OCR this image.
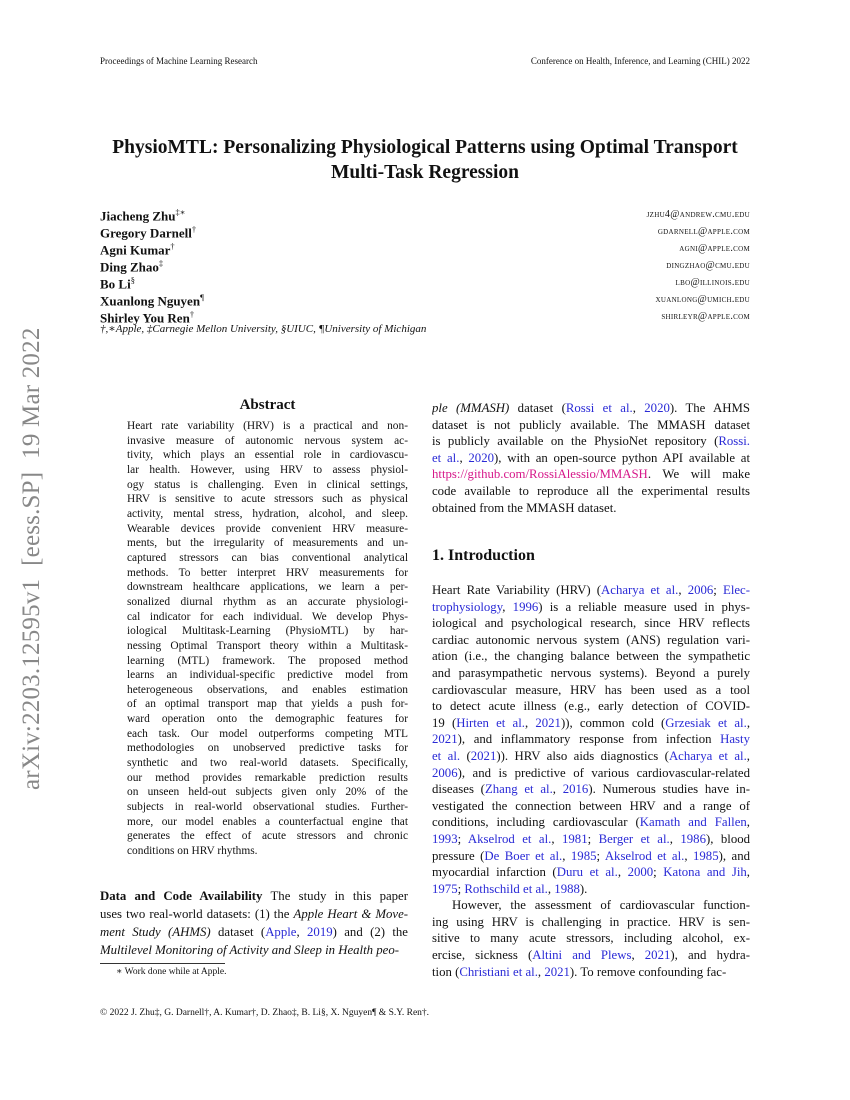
Proceedings of Machine Learning Research	Conference on Health, Inference, and Learning (CHIL) 2022
arXiv:2203.12595v1  [eess.SP]  19 Mar 2022
PhysioMTL: Personalizing Physiological Patterns using Optimal Transport
Multi-Task Regression
Jiacheng Zhu‡∗	jzhu4@andrew.cmu.edu
Gregory Darnell†	gdarnell@apple.com
Agni Kumar†	agni@apple.com
Ding Zhao‡	dingzhao@cmu.edu
Bo Li§	lbo@illinois.edu
Xuanlong Nguyen¶	xuanlong@umich.edu
Shirley You Ren†	shirleyr@apple.com
†,∗Apple, ‡Carnegie Mellon University, §UIUC, ¶University of Michigan
Abstract
Heart rate variability (HRV) is a practical and non-
invasive measure of autonomic nervous system ac-
tivity, which plays an essential role in cardiovascu-
lar health. However, using HRV to assess physiol-
ogy status is challenging. Even in clinical settings,
HRV is sensitive to acute stressors such as physical
activity, mental stress, hydration, alcohol, and sleep.
Wearable devices provide convenient HRV measure-
ments, but the irregularity of measurements and un-
captured stressors can bias conventional analytical
methods. To better interpret HRV measurements for
downstream healthcare applications, we learn a per-
sonalized diurnal rhythm as an accurate physiologi-
cal indicator for each individual. We develop Phys-
iological Multitask-Learning (PhysioMTL) by har-
nessing Optimal Transport theory within a Multitask-
learning (MTL) framework. The proposed method
learns an individual-specific predictive model from
heterogeneous observations, and enables estimation
of an optimal transport map that yields a push for-
ward operation onto the demographic features for
each task. Our model outperforms competing MTL
methodologies on unobserved predictive tasks for
synthetic and two real-world datasets. Specifically,
our method provides remarkable prediction results
on unseen held-out subjects given only 20% of the
subjects in real-world observational studies. Further-
more, our model enables a counterfactual engine that
generates the effect of acute stressors and chronic
conditions on HRV rhythms.
Data and Code Availability The study in this paper
uses two real-world datasets: (1) the Apple Heart & Move-
ment Study (AHMS) dataset (Apple, 2019) and (2) the
Multilevel Monitoring of Activity and Sleep in Health peo-
ple (MMASH) dataset (Rossi et al., 2020). The AHMS
dataset is not publicly available. The MMASH dataset
is publicly available on the PhysioNet repository (Rossi.
et al., 2020), with an open-source python API available at
https://github.com/RossiAlessio/MMASH. We will make
code available to reproduce all the experimental results
obtained from the MMASH dataset.
1. Introduction
Heart Rate Variability (HRV) (Acharya et al., 2006; Elec-
trophysiology, 1996) is a reliable measure used in phys-
iological and psychological research, since HRV reflects
cardiac autonomic nervous system (ANS) regulation vari-
ation (i.e., the changing balance between the sympathetic
and parasympathetic nervous systems). Beyond a purely
cardiovascular measure, HRV has been used as a tool
to detect acute illness (e.g., early detection of COVID-
19 (Hirten et al., 2021)), common cold (Grzesiak et al.,
2021), and inflammatory response from infection Hasty
et al. (2021)). HRV also aids diagnostics (Acharya et al.,
2006), and is predictive of various cardiovascular-related
diseases (Zhang et al., 2016). Numerous studies have in-
vestigated the connection between HRV and a range of
conditions, including cardiovascular (Kamath and Fallen,
1993; Akselrod et al., 1981; Berger et al., 1986), blood
pressure (De Boer et al., 1985; Akselrod et al., 1985), and
myocardial infarction (Duru et al., 2000; Katona and Jih,
1975; Rothschild et al., 1988).
However, the assessment of cardiovascular function-
ing using HRV is challenging in practice. HRV is sen-
sitive to many acute stressors, including alcohol, ex-
ercise, sickness (Altini and Plews, 2021), and hydra-
tion (Christiani et al., 2021). To remove confounding fac-
∗ Work done while at Apple.
© 2022 J. Zhu‡, G. Darnell†, A. Kumar†, D. Zhao‡, B. Li§, X. Nguyen¶ & S.Y. Ren†.
